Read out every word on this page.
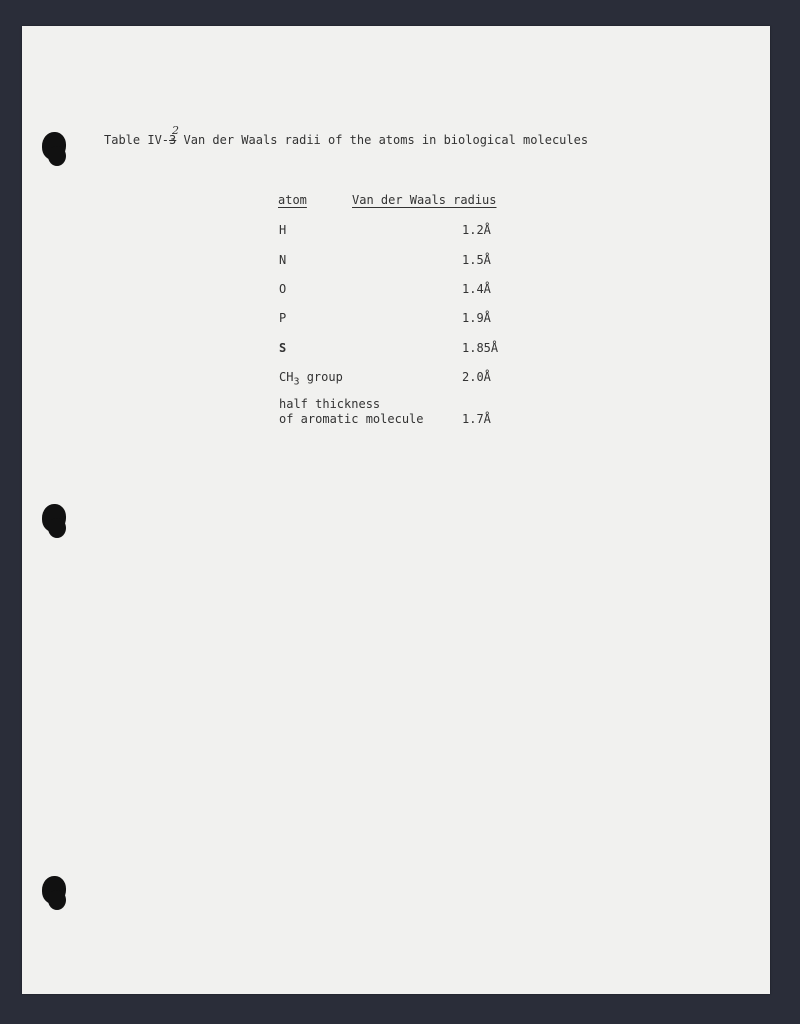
Table IV-3 Van der Waals radii of the atoms in biological molecules
2
atom	Van der Waals radius
H	1.2Å
N	1.5Å
O	1.4Å
P	1.9Å
S	1.85Å
$CH_3$ group	2.0Å
half thickness
of aromatic molecule	1.7Å
